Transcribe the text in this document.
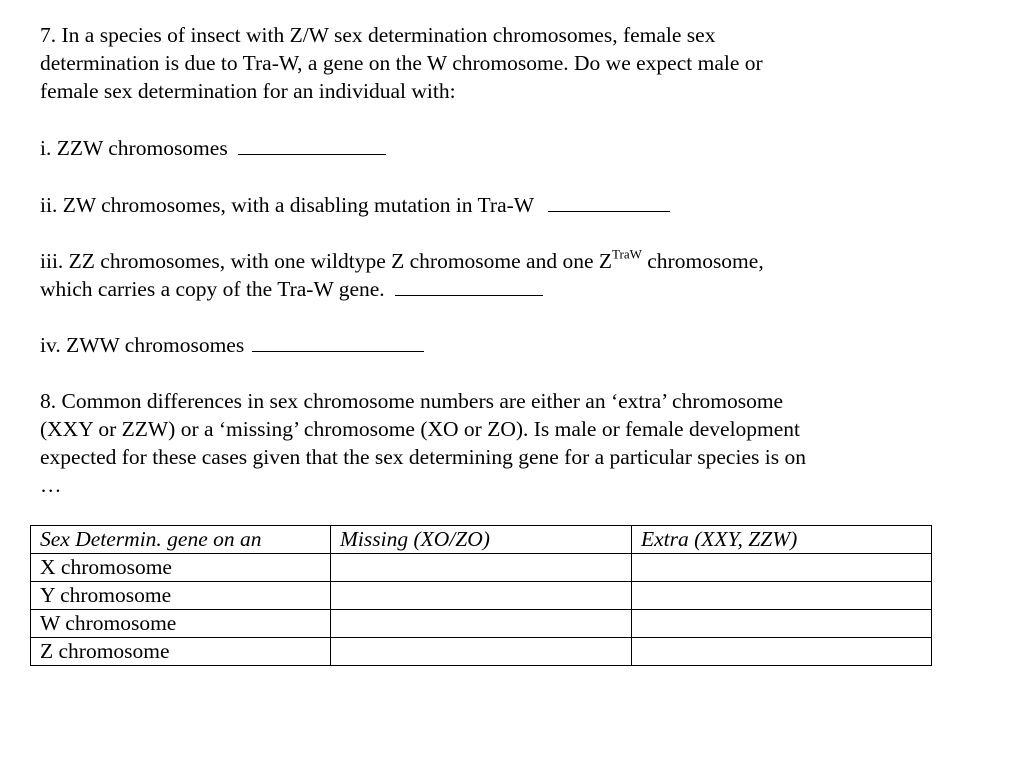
7. In a species of insect with Z/W sex determination chromosomes, female sex
determination is due to Tra-W, a gene on the W chromosome. Do we expect male or
female sex determination for an individual with:
i. ZZW chromosomes
ii. ZW chromosomes, with a disabling mutation in Tra-W
iii. ZZ chromosomes, with one wildtype Z chromosome and one $Z^{TraW}$ chromosome,
which carries a copy of the Tra-W gene.
iv. ZWW chromosomes
8. Common differences in sex chromosome numbers are either an ‘extra’ chromosome
(XXY or ZZW) or a ‘missing’ chromosome (XO or ZO). Is male or female development
expected for these cases given that the sex determining gene for a particular species is on
…
Sex Determin. gene on an	Missing (XO/ZO)	Extra (XXY, ZZW)
X chromosome		
Y chromosome		
W chromosome		
Z chromosome		
